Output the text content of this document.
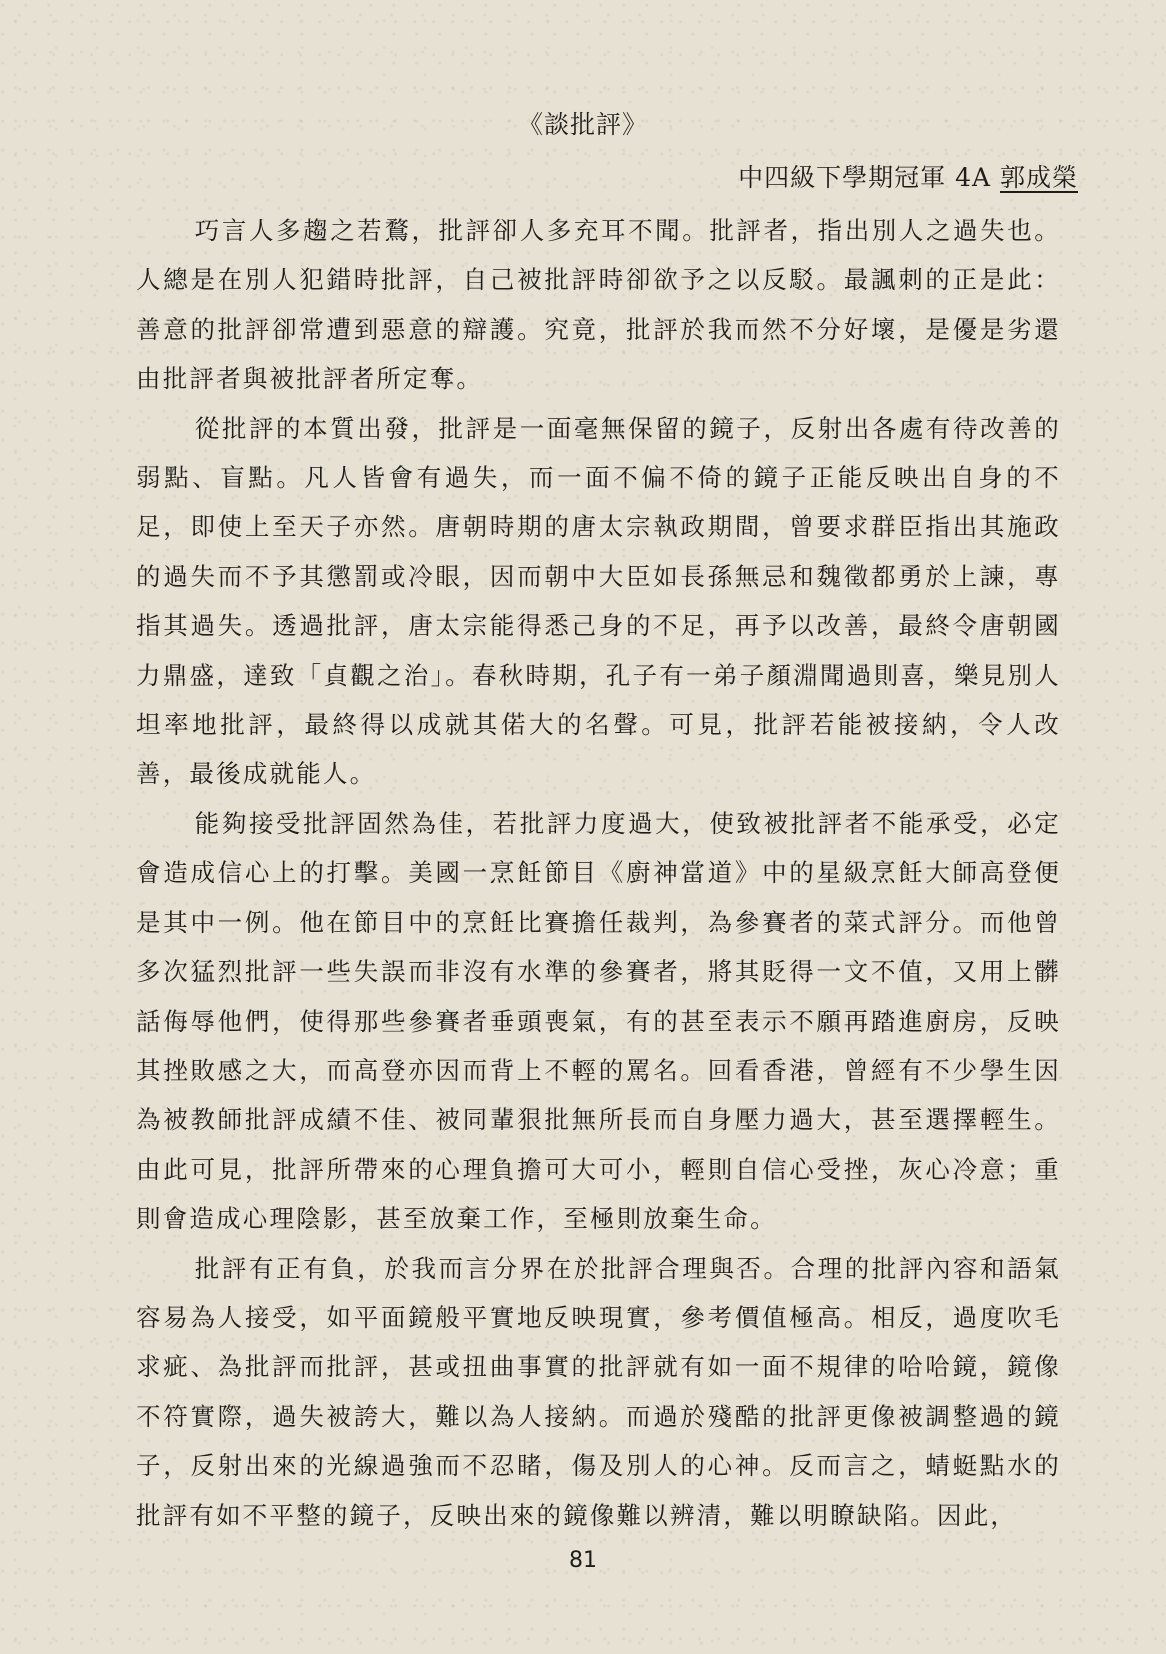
《談批評》
中四級下學期冠軍 4A 郭成榮

巧言人多趨之若鶩，批評卻人多充耳不聞。批評者，指出別人之過失也。人總是在別人犯錯時批評，自己被批評時卻欲予之以反駁。最諷刺的正是此：善意的批評卻常遭到惡意的辯護。究竟，批評於我而然不分好壞，是優是劣還由批評者與被批評者所定奪。

從批評的本質出發，批評是一面毫無保留的鏡子，反射出各處有待改善的弱點、盲點。凡人皆會有過失，而一面不偏不倚的鏡子正能反映出自身的不足，即使上至天子亦然。唐朝時期的唐太宗執政期間，曾要求群臣指出其施政的過失而不予其懲罰或冷眼，因而朝中大臣如長孫無忌和魏徵都勇於上諫，專指其過失。透過批評，唐太宗能得悉己身的不足，再予以改善，最終令唐朝國力鼎盛，達致「貞觀之治」。春秋時期，孔子有一弟子顏淵聞過則喜，樂見別人坦率地批評，最終得以成就其偌大的名聲。可見，批評若能被接納，令人改善，最後成就能人。

能夠接受批評固然為佳，若批評力度過大，使致被批評者不能承受，必定會造成信心上的打擊。美國一烹飪節目《廚神當道》中的星級烹飪大師高登便是其中一例。他在節目中的烹飪比賽擔任裁判，為參賽者的菜式評分。而他曾多次猛烈批評一些失誤而非沒有水準的參賽者，將其貶得一文不值，又用上髒話侮辱他們，使得那些參賽者垂頭喪氣，有的甚至表示不願再踏進廚房，反映其挫敗感之大，而高登亦因而背上不輕的罵名。回看香港，曾經有不少學生因為被教師批評成績不佳、被同輩狠批無所長而自身壓力過大，甚至選擇輕生。由此可見，批評所帶來的心理負擔可大可小，輕則自信心受挫，灰心冷意；重則會造成心理陰影，甚至放棄工作，至極則放棄生命。

批評有正有負，於我而言分界在於批評合理與否。合理的批評內容和語氣容易為人接受，如平面鏡般平實地反映現實，參考價值極高。相反，過度吹毛求疵、為批評而批評，甚或扭曲事實的批評就有如一面不規律的哈哈鏡，鏡像不符實際，過失被誇大，難以為人接納。而過於殘酷的批評更像被調整過的鏡子，反射出來的光線過強而不忍睹，傷及別人的心神。反而言之，蜻蜓點水的批評有如不平整的鏡子，反映出來的鏡像難以辨清，難以明瞭缺陷。因此，

81
